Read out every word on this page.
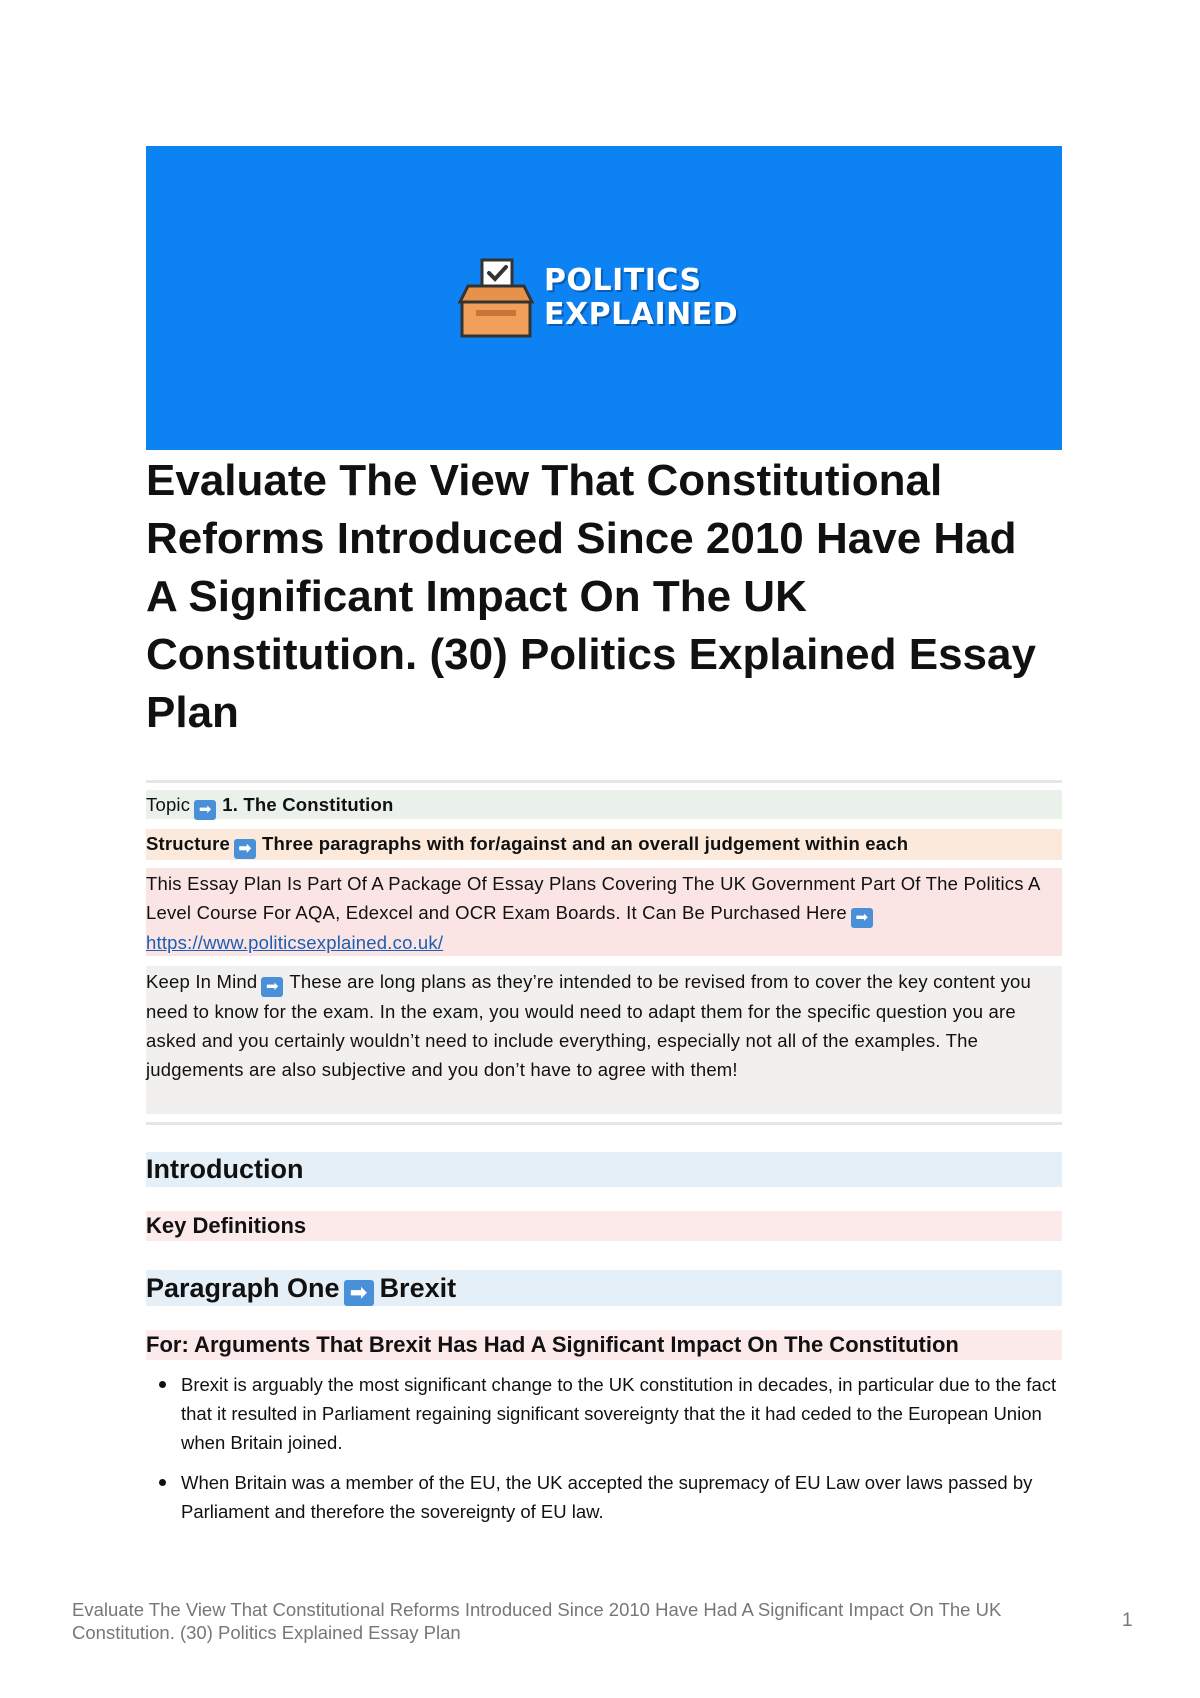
POLITICS
EXPLAINED
Evaluate The View That Constitutional Reforms Introduced Since 2010 Have Had A Significant Impact On The UK Constitution. (30) Politics Explained Essay Plan
Topic ➡ 1. The Constitution
Structure ➡ Three paragraphs with for/against and an overall judgement within each
This Essay Plan Is Part Of A Package Of Essay Plans Covering The UK Government Part Of The Politics A Level Course For AQA, Edexcel and OCR Exam Boards. It Can Be Purchased Here ➡
https://www.politicsexplained.co.uk/
Keep In Mind ➡ These are long plans as they’re intended to be revised from to cover the key content you need to know for the exam. In the exam, you would need to adapt them for the specific question you are asked and you certainly wouldn’t need to include everything, especially not all of the examples. The judgements are also subjective and you don’t have to agree with them!
Introduction
Key Definitions
Paragraph One ➡ Brexit
For: Arguments That Brexit Has Had A Significant Impact On The Constitution
Brexit is arguably the most significant change to the UK constitution in decades, in particular due to the fact that it resulted in Parliament regaining significant sovereignty that the it had ceded to the European Union when Britain joined.
When Britain was a member of the EU, the UK accepted the supremacy of EU Law over laws passed by Parliament and therefore the sovereignty of EU law.
Evaluate The View That Constitutional Reforms Introduced Since 2010 Have Had A Significant Impact On The UK Constitution. (30) Politics Explained Essay Plan
1
